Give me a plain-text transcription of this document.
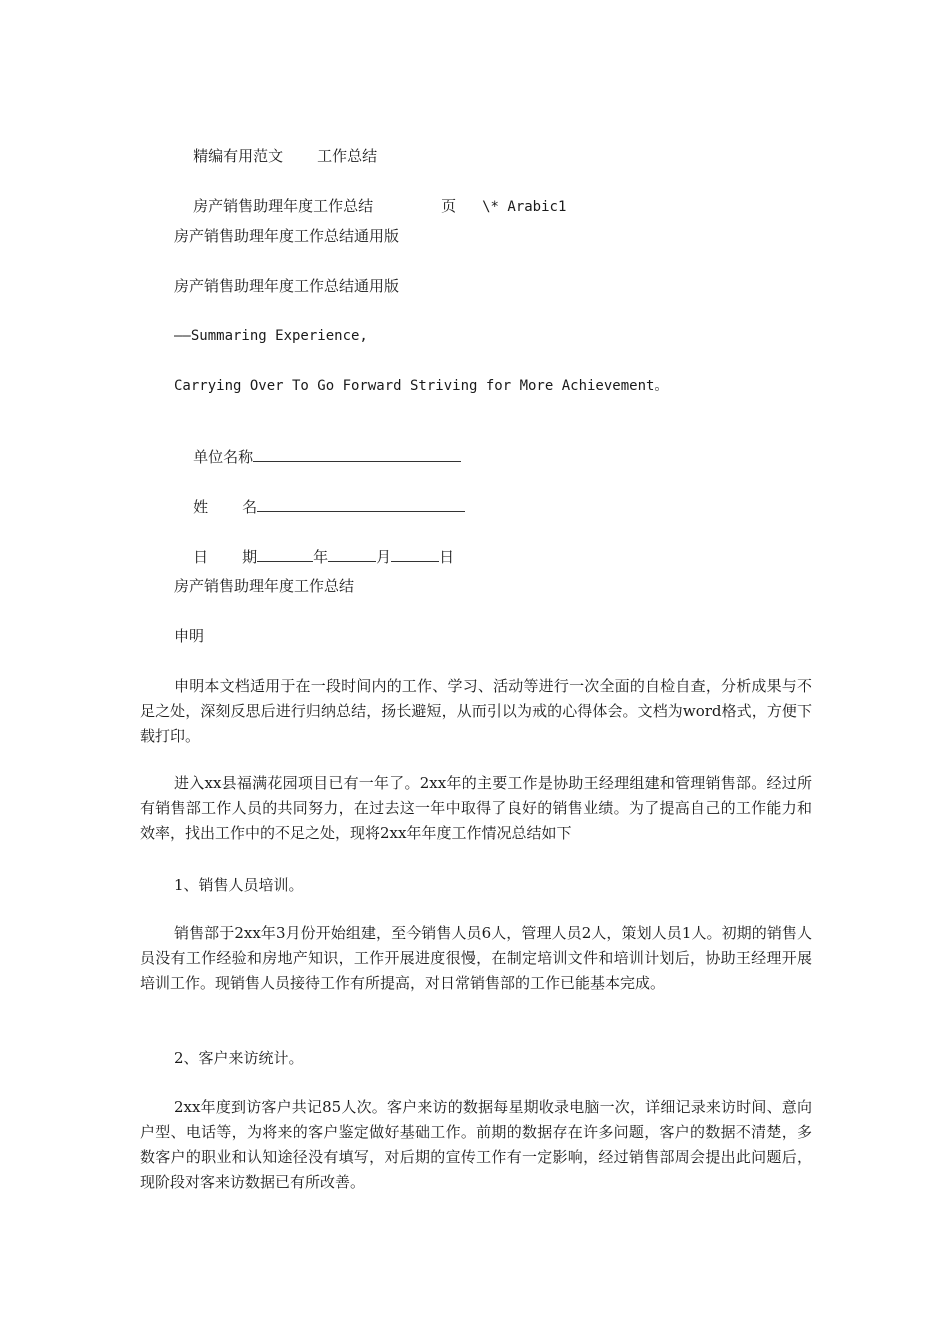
精编有用范文 工作总结

房产销售助理年度工作总结	页 \* Arabic1

房产销售助理年度工作总结通用版
房产销售助理年度工作总结通用版
——Summaring Experience,
Carrying Over To Go Forward Striving for More Achievement。

单位名称

姓 名

日 期	年	月	日

房产销售助理年度工作总结
申明

申明本文档适用于在一段时间内的工作、学习、活动等进行一次全面的自检自查，分析成果与不足之处，深刻反思后进行归纳总结，扬长避短，从而引以为戒的心得体会。文档为word格式，方便下载打印。

进入xx县福满花园项目已有一年了。2xx年的主要工作是协助王经理组建和管理销售部。经过所有销售部工作人员的共同努力，在过去这一年中取得了良好的销售业绩。为了提高自己的工作能力和效率，找出工作中的不足之处，现将2xx年年度工作情况总结如下

1、销售人员培训。

销售部于2xx年3月份开始组建，至今销售人员6人，管理人员2人，策划人员1人。初期的销售人员没有工作经验和房地产知识，工作开展进度很慢，在制定培训文件和培训计划后，协助王经理开展培训工作。现销售人员接待工作有所提高，对日常销售部的工作已能基本完成。

2、客户来访统计。

2xx年度到访客户共记85人次。客户来访的数据每星期收录电脑一次，详细记录来访时间、意向户型、电话等，为将来的客户鉴定做好基础工作。前期的数据存在许多问题，客户的数据不清楚，多数客户的职业和认知途径没有填写，对后期的宣传工作有一定影响，经过销售部周会提出此问题后，现阶段对客来访数据已有所改善。
